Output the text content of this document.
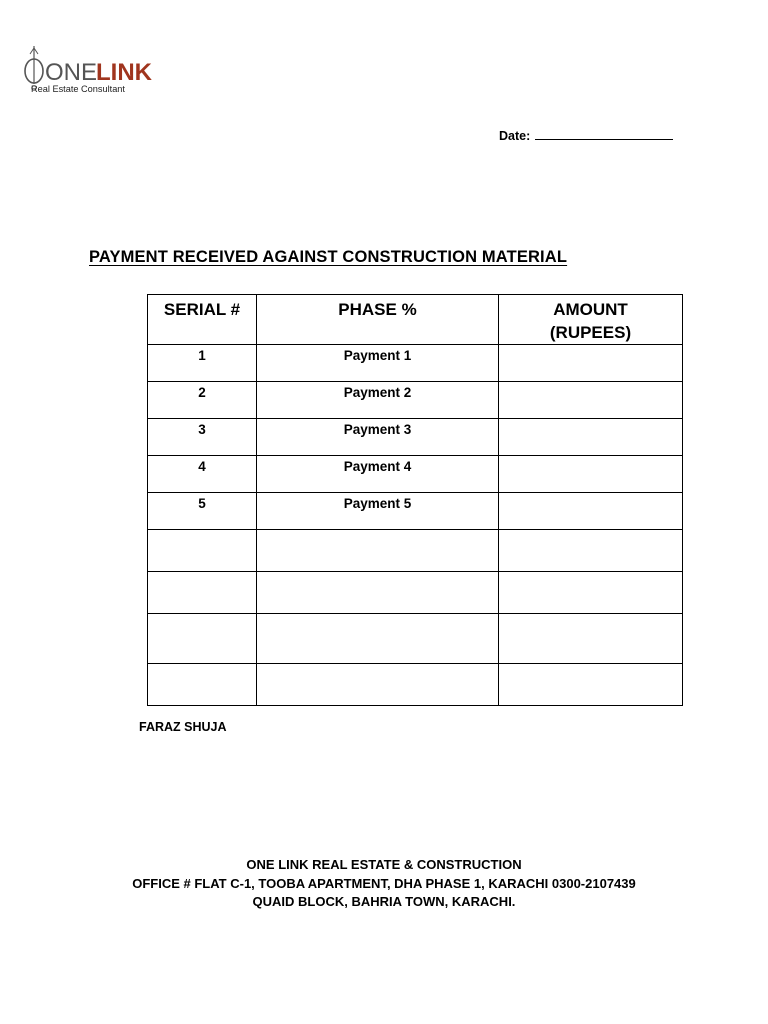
ONE
LINK
Real Estate Consultant
Date:
PAYMENT RECEIVED AGAINST CONSTRUCTION MATERIAL
SERIAL #	PHASE %	AMOUNT (RUPEES)

1	Payment 1	
2	Payment 2	
3	Payment 3	
4	Payment 4	
5	Payment 5	

FARAZ SHUJA
ONE LINK REAL ESTATE & CONSTRUCTION
OFFICE # FLAT C-1, TOOBA APARTMENT, DHA PHASE 1, KARACHI 0300-2107439
QUAID BLOCK, BAHRIA TOWN, KARACHI.
